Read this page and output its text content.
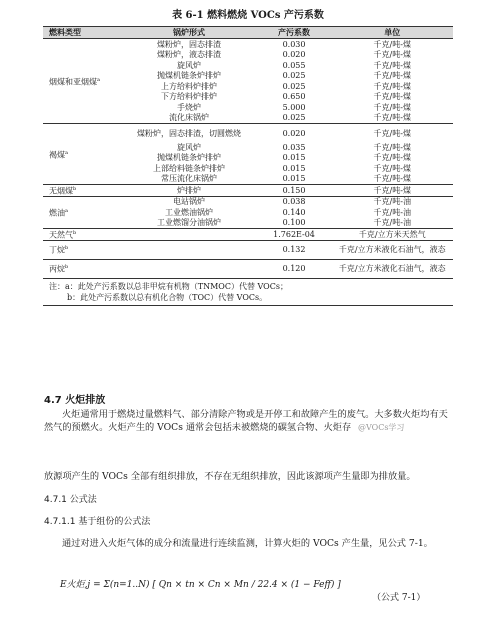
表 6-1 燃料燃烧 VOCs 产污系数
燃料类型	锅炉形式	产污系数	单位
烟煤和亚烟煤$^a$	煤粉炉，固态排渣	0.030	千克/吨-煤
	煤粉炉，液态排渣	0.020	千克/吨-煤
	旋风炉	0.055	千克/吨-煤
	抛煤机链条炉排炉	0.025	千克/吨-煤
	上方给料炉排炉	0.025	千克/吨-煤
	下方给料炉排炉	0.650	千克/吨-煤
	手烧炉	5.000	千克/吨-煤
	流化床锅炉	0.025	千克/吨-煤
褐煤$^a$	煤粉炉，固态排渣，切圆燃烧	0.020	千克/吨-煤
	旋风炉	0.035	千克/吨-煤
	抛煤机链条炉排炉	0.015	千克/吨-煤
	上部给料链条炉排炉	0.015	千克/吨-煤
	常压流化床锅炉	0.015	千克/吨-煤
无烟煤$^b$	炉排炉	0.150	千克/吨-煤
燃油$^a$	电站锅炉	0.038	千克/吨-油
	工业燃油锅炉	0.140	千克/吨-油
	工业燃馏分油锅炉	0.100	千克/吨-油
天然气$^b$		1.762E-04	千克/立方米天然气
丁烷$^b$		0.132	千克/立方米液化石油气，液态
丙烷$^b$		0.120	千克/立方米液化石油气，液态

注：a：此处产污系数以总非甲烷有机物（TNMOC）代替 VOCs；
b：此处产污系数以总有机化合物（TOC）代替 VOCs。			
4.7 火炬排放
火炬通常用于燃烧过量燃料气、部分清除产物或是开停工和故障产生的废气。大多数火炬均有天然气的预燃火。火炬产生的 VOCs 通常会包括未被燃烧的碳氢合物、火炬存 @VOCs学习
放源项产生的 VOCs 全部有组织排放，不存在无组织排放，因此该源项产生量即为排放量。
4.7.1 公式法
4.7.1.1 基于组份的公式法
通过对进入火炬气体的成分和流量进行连续监测，计算火炬的 VOCs 产生量，见公式 7-1。
E火炬,j = Σ(n=1..N) [ Qn × tn × Cn × Mn / 22.4 × (1 − Feff) ]
（公式 7-1）
